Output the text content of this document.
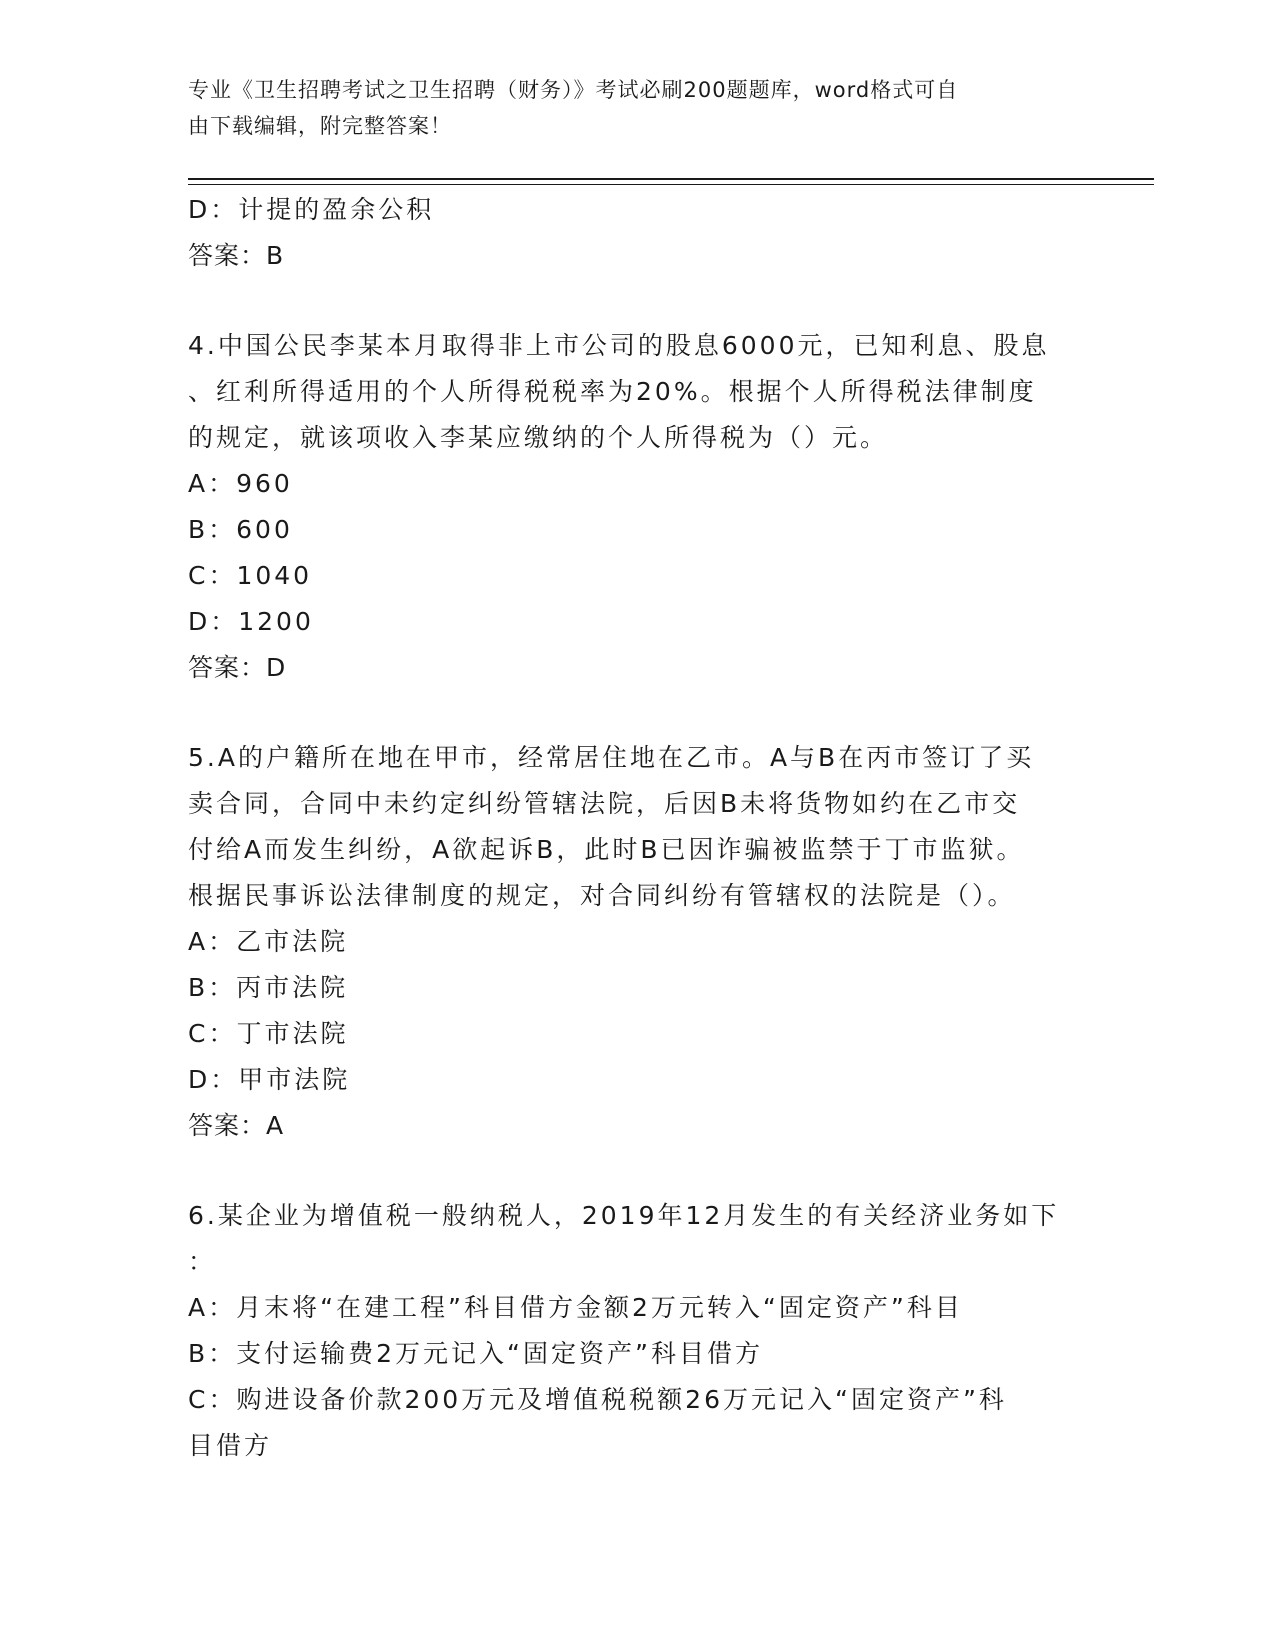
专业《卫生招聘考试之卫生招聘（财务）》考试必刷200题题库，word格式可自
由下载编辑，附完整答案！

D：计提的盈余公积

答案：B

4.中国公民李某本月取得非上市公司的股息6000元，已知利息、股息

、红利所得适用的个人所得税税率为20%。根据个人所得税法律制度

的规定，就该项收入李某应缴纳的个人所得税为（）元。

A：960

B：600

C：1040

D：1200

答案：D

5.A的户籍所在地在甲市，经常居住地在乙市。A与B在丙市签订了买

卖合同，合同中未约定纠纷管辖法院，后因B未将货物如约在乙市交

付给A而发生纠纷，A欲起诉B，此时B已因诈骗被监禁于丁市监狱。

根据民事诉讼法律制度的规定，对合同纠纷有管辖权的法院是（）。

A：乙市法院

B：丙市法院

C：丁市法院

D：甲市法院

答案：A

6.某企业为增值税一般纳税人，2019年12月发生的有关经济业务如下

：

A：月末将“在建工程”科目借方金额2万元转入“固定资产”科目

B：支付运输费2万元记入“固定资产”科目借方

C：购进设备价款200万元及增值税税额26万元记入“固定资产”科

目借方
